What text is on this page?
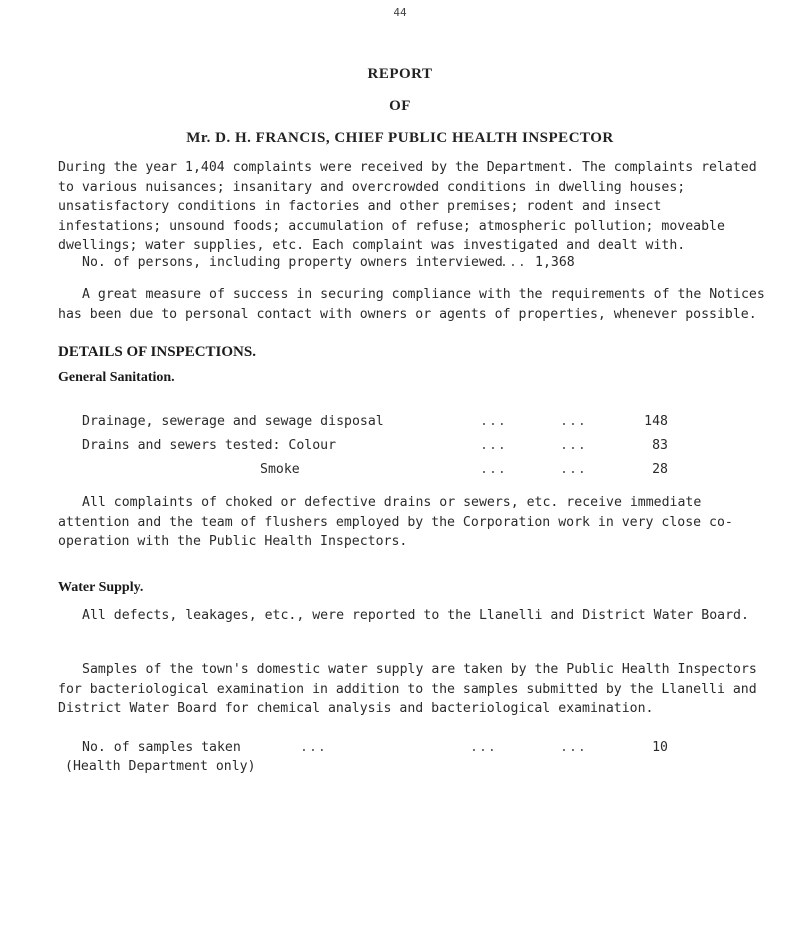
44
REPORT
OF
Mr. D. H. FRANCIS, CHIEF PUBLIC HEALTH INSPECTOR

During the year 1,404 complaints were received by the Department. The complaints related to various nuisances; insanitary and overcrowded conditions in dwelling houses; unsatisfactory conditions in factories and other premises; rodent and insect infestations; unsound foods; accumulation of refuse; atmospheric pollution; moveable dwellings; water supplies, etc. Each complaint was investigated and dealt with.

No. of persons, including property owners interviewed
... 1,368

A great measure of success in securing compliance with the requirements of the Notices has been due to personal contact with owners or agents of properties, whenever possible.

DETAILS OF INSPECTIONS.
General Sanitation.
Drainage, sewerage and sewage disposal	...	...	148
Drains and sewers tested: Colour	...	...	83
Smoke	...	...	28

All complaints of choked or defective drains or sewers, etc. receive immediate attention and the team of flushers employed by the Corporation work in very close co-operation with the Public Health Inspectors.

Water Supply.

All defects, leakages, etc., were reported to the Llanelli and District Water Board.

Samples of the town's domestic water supply are taken by the Public Health Inspectors for bacteriological examination in addition to the samples submitted by the Llanelli and District Water Board for chemical analysis and bacteriological examination.

No. of samples taken
(Health Department only)
...	...	...	10
